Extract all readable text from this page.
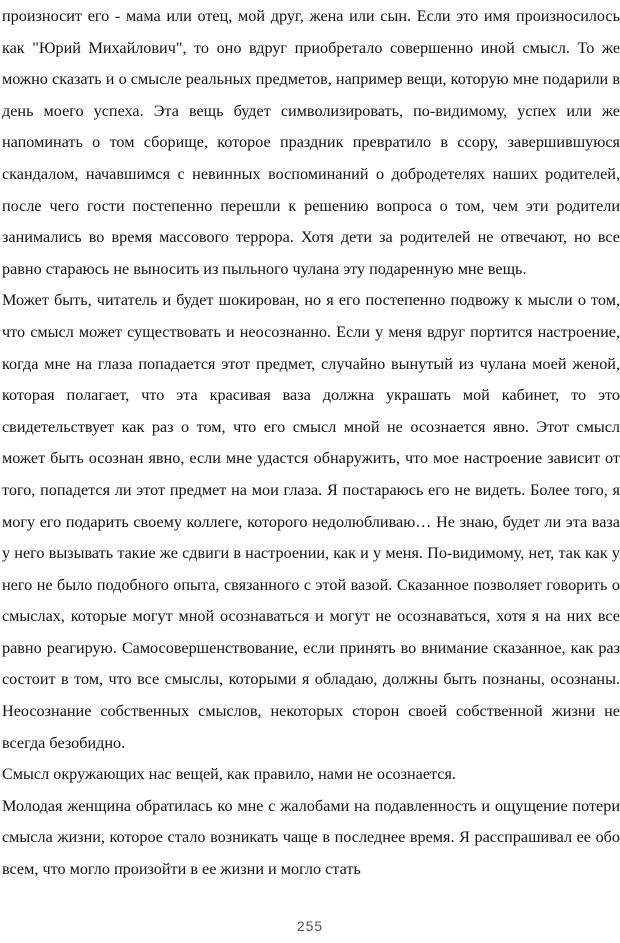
произносит его - мама или отец, мой друг, жена или сын. Если это имя произносилось как "Юрий Михайлович", то оно вдруг приобретало совершенно иной смысл. То же можно сказать и о смысле реальных предметов, например вещи, которую мне подарили в день моего успеха. Эта вещь будет символизировать, по-видимому, успех или же напоминать о том сборище, которое праздник превратило в ссору, завершившуюся скандалом, начавшимся с невинных воспоминаний о добродетелях наших родителей, после чего гости постепенно перешли к решению вопроса о том, чем эти родители занимались во время массового террора. Хотя дети за родителей не отвечают, но все равно стараюсь не выносить из пыльного чулана эту подаренную мне вещь.

Может быть, читатель и будет шокирован, но я его постепенно подвожу к мысли о том, что смысл может существовать и неосознанно. Если у меня вдруг портится настроение, когда мне на глаза попадается этот предмет, случайно вынутый из чулана моей женой, которая полагает, что эта красивая ваза должна украшать мой кабинет, то это свидетельствует как раз о том, что его смысл мной не осознается явно. Этот смысл может быть осознан явно, если мне удастся обнаружить, что мое настроение зависит от того, попадется ли этот предмет на мои глаза. Я постараюсь его не видеть. Более того, я могу его подарить своему коллеге, которого недолюбливаю… Не знаю, будет ли эта ваза у него вызывать такие же сдвиги в настроении, как и у меня. По-видимому, нет, так как у него не было подобного опыта, связанного с этой вазой. Сказанное позволяет говорить о смыслах, которые могут мной осознаваться и могут не осознаваться, хотя я на них все равно реагирую. Самосовершенствование, если принять во внимание сказанное, как раз состоит в том, что все смыслы, которыми я обладаю, должны быть познаны, осознаны. Неосознание собственных смыслов, некоторых сторон своей собственной жизни не всегда безобидно.

Смысл окружающих нас вещей, как правило, нами не осознается.

Молодая женщина обратилась ко мне с жалобами на подавленность и ощущение потери смысла жизни, которое стало возникать чаще в последнее время. Я расспрашивал ее обо всем, что могло произойти в ее жизни и могло стать

255
